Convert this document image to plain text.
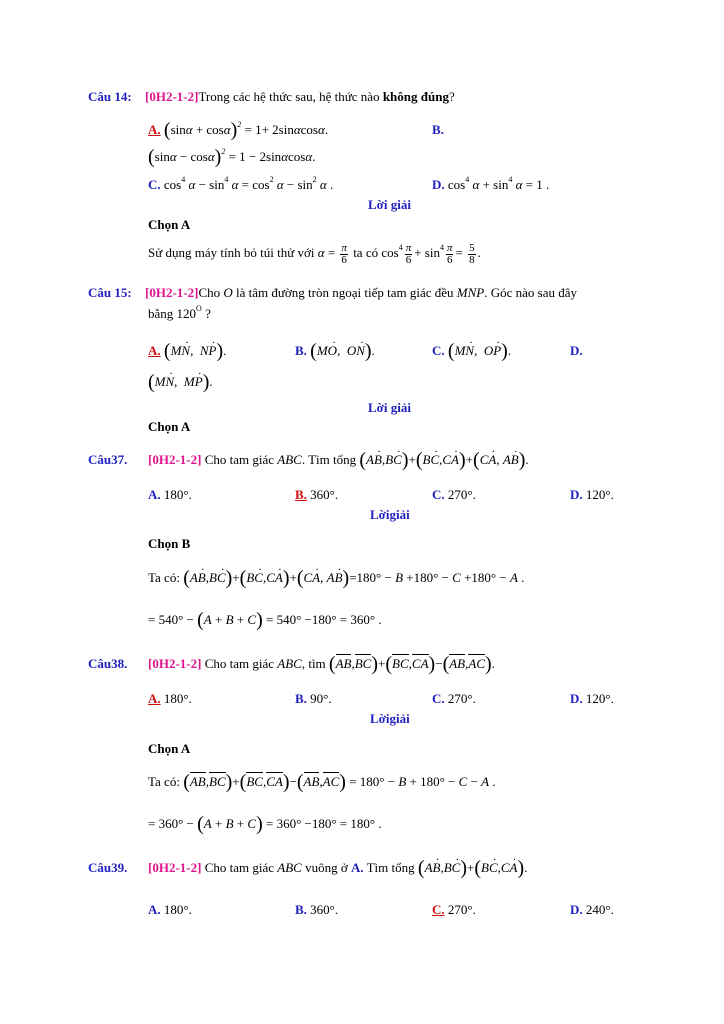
Câu 14: [0H2-1-2]Trong các hệ thức sau, hệ thức nào không đúng?
A. $(\sin\alpha + \cos\alpha)^2 = 1+ 2\sin\alpha\cos\alpha$.	B.
$(\sin\alpha - \cos\alpha)^2 = 1 - 2\sin\alpha\cos\alpha$.
C. $\cos^4 \alpha - \sin^4 \alpha = \cos^2 \alpha - \sin^2 \alpha$ .	D. $\cos^4 \alpha + \sin^4 \alpha = 1$ .
Lời giải
Chọn A
Sử dụng máy tính bỏ túi thử với $\alpha = \frac{\pi}{6}$ ta có $\cos^4 \frac{\pi}{6} + \sin^4 \frac{\pi}{6} = \frac{5}{8}$ .
Câu 15: [0H2-1-2]Cho O là tâm đường tròn ngoại tiếp tam giác đều MNP. Góc nào sau đây
bằng $120^O$ ?
A. (MN ·,  NP ·).	B. (MO ·,  ON ·).	C. (MN ·,  OP ·).	D.
(MN ·,  MP ·).
Lời giải
Chọn A
Câu37. [0H2-1-2] Cho tam giác ABC. Tìm tổng (AB ·,BC ·)+(BC ·,CA ·)+(CA ·, AB ·).
A. 180°.	B. 360°.	C. 270°.	D. 120°.
Lờigiải
Chọn B
Ta có: (AB ·,BC ·)+(BC ·,CA ·)+(CA ·, AB ·)=180° − B +180° − C +180° − A .
= 540° − (A + B + C) = 540° −180° = 360° .
Câu38. [0H2-1-2] Cho tam giác ABC, tìm (AB,BC)+(BC,CA)−(AB,AC).
A. 180°.	B. 90°.	C. 270°.	D. 120°.
Lờigiải
Chọn A
Ta có: (AB,BC)+(BC,CA)−(AB,AC) = 180° − B + 180° − C − A .
= 360° − (A + B + C) = 360° −180° = 180° .
Câu39. [0H2-1-2] Cho tam giác ABC vuông ở A. Tìm tổng (AB ·,BC ·)+(BC ·,CA ·).
A. 180°.	B. 360°.	C. 270°.	D. 240°.
